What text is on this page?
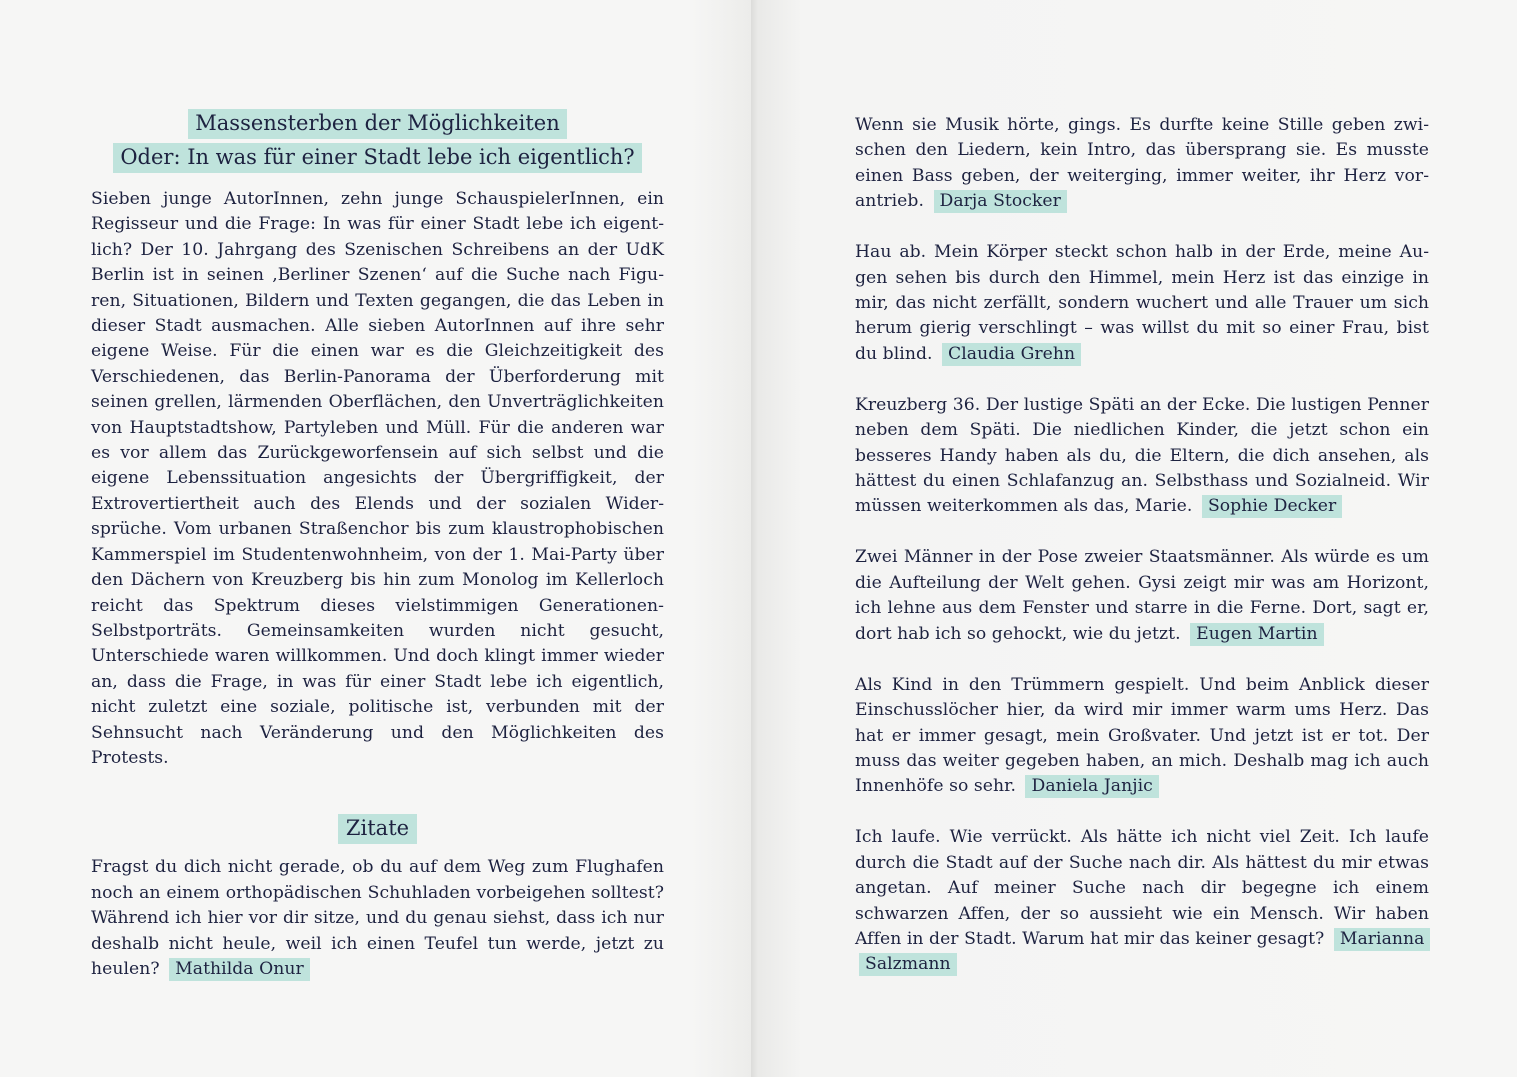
Massensterben der Möglichkeiten
Oder: In was für einer Stadt lebe ich eigentlich?

Sieben junge AutorInnen, zehn junge SchauspielerInnen, ein Regisseur und die Frage: In was für einer Stadt lebe ich eigentlich? Der 10. Jahrgang des Szenischen Schreibens an der UdK Berlin ist in seinen ‚Berliner Szenen‘ auf die Suche nach Figuren, Situationen, Bildern und Texten gegangen, die das Leben in dieser Stadt ausmachen. Alle sieben AutorInnen auf ihre sehr eigene Weise. Für die einen war es die Gleichzeitigkeit des Verschiedenen, das Berlin-Panorama der Überforderung mit seinen grellen, lärmenden Oberflächen, den Unverträglichkeiten von Hauptstadtshow, Partyleben und Müll. Für die anderen war es vor allem das Zurückgeworfensein auf sich selbst und die eigene Lebenssituation angesichts der Übergriffigkeit, der Extrovertiertheit auch des Elends und der sozialen Widersprüche. Vom urbanen Straßenchor bis zum klaustrophobischen Kammerspiel im Studentenwohnheim, von der 1. Mai-Party über den Dächern von Kreuzberg bis hin zum Monolog im Kellerloch reicht das Spektrum dieses vielstimmigen Generationen-Selbstporträts. Gemeinsamkeiten wurden nicht gesucht, Unterschiede waren willkommen. Und doch klingt immer wieder an, dass die Frage, in was für einer Stadt lebe ich eigentlich, nicht zuletzt eine soziale, politische ist, verbunden mit der Sehnsucht nach Veränderung und den Möglichkeiten des Protests.

Zitate

Fragst du dich nicht gerade, ob du auf dem Weg zum Flughafen noch an einem orthopädischen Schuhladen vorbeigehen solltest? Während ich hier vor dir sitze, und du genau siehst, dass ich nur deshalb nicht heule, weil ich einen Teufel tun werde, jetzt zu heulen? Mathilda Onur

Wenn sie Musik hörte, gings. Es durfte keine Stille geben zwischen den Liedern, kein Intro, das übersprang sie. Es musste einen Bass geben, der weiterging, immer weiter, ihr Herz vorantrieb. Darja Stocker

Hau ab. Mein Körper steckt schon halb in der Erde, meine Augen sehen bis durch den Himmel, mein Herz ist das einzige in mir, das nicht zerfällt, sondern wuchert und alle Trauer um sich herum gierig verschlingt – was willst du mit so einer Frau, bist du blind. Claudia Grehn

Kreuzberg 36. Der lustige Späti an der Ecke. Die lustigen Penner neben dem Späti. Die niedlichen Kinder, die jetzt schon ein besseres Handy haben als du, die Eltern, die dich ansehen, als hättest du einen Schlafanzug an. Selbsthass und Sozialneid. Wir müssen weiterkommen als das, Marie. Sophie Decker

Zwei Männer in der Pose zweier Staatsmänner. Als würde es um die Aufteilung der Welt gehen. Gysi zeigt mir was am Horizont, ich lehne aus dem Fenster und starre in die Ferne. Dort, sagt er, dort hab ich so gehockt, wie du jetzt. Eugen Martin

Als Kind in den Trümmern gespielt. Und beim Anblick dieser Einschusslöcher hier, da wird mir immer warm ums Herz. Das hat er immer gesagt, mein Großvater. Und jetzt ist er tot. Der muss das weiter gegeben haben, an mich. Deshalb mag ich auch Innenhöfe so sehr. Daniela Janjic

Ich laufe. Wie verrückt. Als hätte ich nicht viel Zeit. Ich laufe durch die Stadt auf der Suche nach dir. Als hättest du mir etwas angetan. Auf meiner Suche nach dir begegne ich einem schwarzen Affen, der so aussieht wie ein Mensch. Wir haben Affen in der Stadt. Warum hat mir das keiner gesagt? Marianna Salzmann
